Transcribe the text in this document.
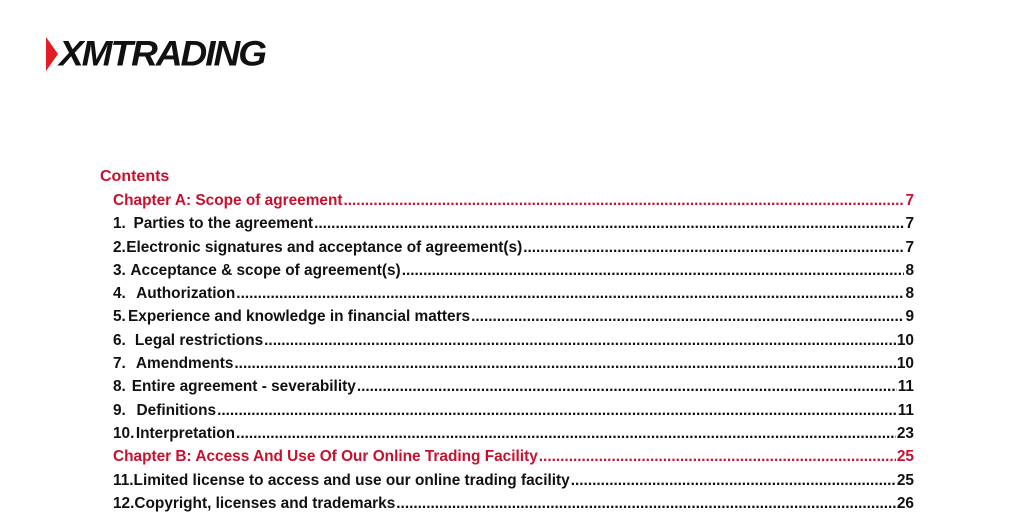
XMTRADING
Contents
Chapter A: Scope of agreement .....	7
1. Parties to the agreement .....	7
2. Electronic signatures and acceptance of agreement(s) .....	7
3. Acceptance & scope of agreement(s) .....	8
4. Authorization .....	8
5. Experience and knowledge in financial matters .....	9
6. Legal restrictions .....	10
7. Amendments .....	10
8. Entire agreement - severability .....	11
9. Definitions .....	11
10. Interpretation .....	23
Chapter B: Access And Use Of Our Online Trading Facility .....	25
11. Limited license to access and use our online trading facility .....	25
12. Copyright, licenses and trademarks .....	26
